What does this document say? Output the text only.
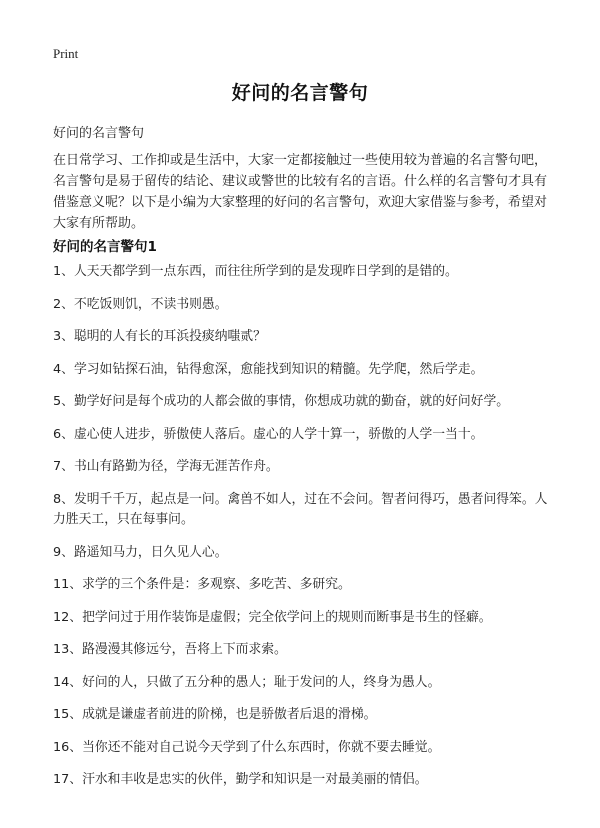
Print
好问的名言警句
好问的名言警句

在日常学习、工作抑或是生活中，大家一定都接触过一些使用较为普遍的名言警句吧，名言警句是易于留传的结论、建议或警世的比较有名的言语。什么样的名言警句才具有借鉴意义呢？以下是小编为大家整理的好问的名言警句，欢迎大家借鉴与参考，希望对大家有所帮助。

好问的名言警句1
1、人天天都学到一点东西，而往往所学到的是发现昨日学到的是错的。
2、不吃饭则饥，不读书则愚。
3、聪明的人有长的耳浜投痰纳嗤贰？
4、学习如钻探石油，钻得愈深，愈能找到知识的精髓。先学爬，然后学走。
5、勤学好问是每个成功的人都会做的事情，你想成功就的勤奋，就的好问好学。
6、虚心使人进步，骄傲使人落后。虚心的人学十算一，骄傲的人学一当十。
7、书山有路勤为径，学海无涯苦作舟。
8、发明千千万，起点是一问。禽兽不如人，过在不会问。智者问得巧，愚者问得笨。人力胜天工，只在每事问。
9、路遥知马力，日久见人心。
11、求学的三个条件是：多观察、多吃苦、多研究。
12、把学问过于用作装饰是虚假；完全依学问上的规则而断事是书生的怪癖。
13、路漫漫其修远兮，吾将上下而求索。
14、好问的人，只做了五分种的愚人；耻于发问的人，终身为愚人。
15、成就是谦虚者前进的阶梯，也是骄傲者后退的滑梯。
16、当你还不能对自己说今天学到了什么东西时，你就不要去睡觉。
17、汗水和丰收是忠实的伙伴，勤学和知识是一对最美丽的情侣。
